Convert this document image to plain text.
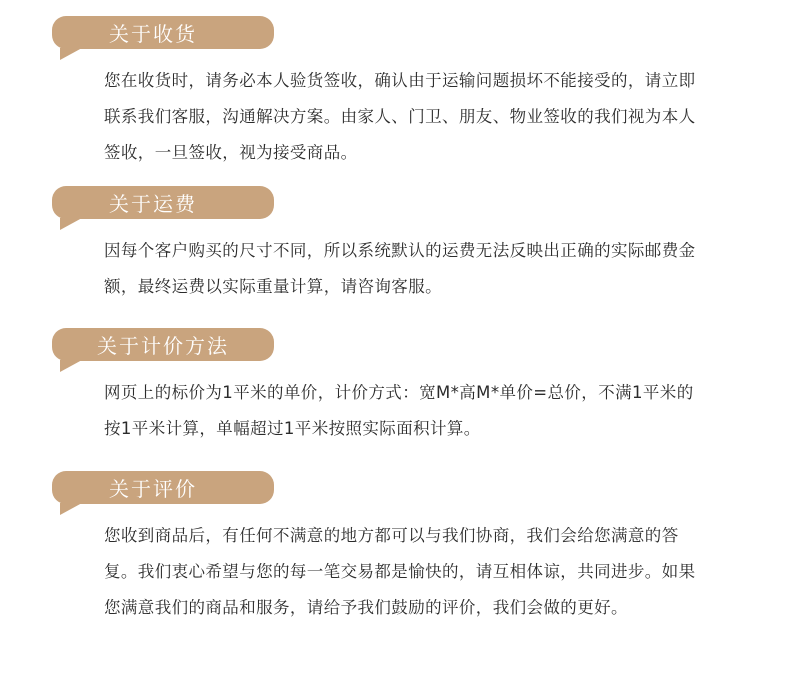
关于收货

您在收货时，请务必本人验货签收，确认由于运输问题损坏不能接受的，请立即联系我们客服，沟通解决方案。由家人、门卫、朋友、物业签收的我们视为本人签收，一旦签收，视为接受商品。

关于运费

因每个客户购买的尺寸不同，所以系统默认的运费无法反映出正确的实际邮费金额，最终运费以实际重量计算，请咨询客服。

关于计价方法

网页上的标价为1平米的单价，计价方式：宽M*高M*单价=总价，不满1平米的按1平米计算，单幅超过1平米按照实际面积计算。

关于评价

您收到商品后，有任何不满意的地方都可以与我们协商，我们会给您满意的答复。我们衷心希望与您的每一笔交易都是愉快的，请互相体谅，共同进步。如果您满意我们的商品和服务，请给予我们鼓励的评价，我们会做的更好。
